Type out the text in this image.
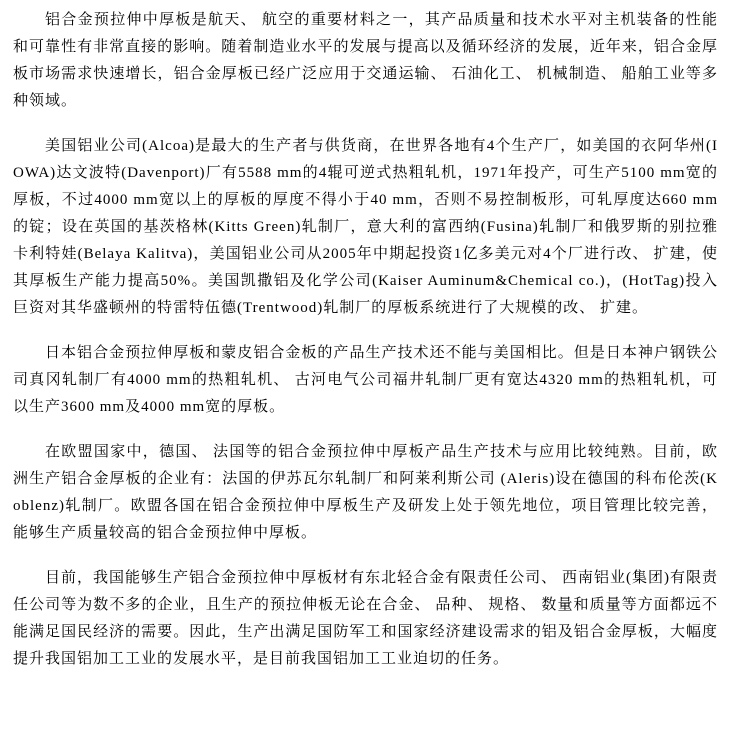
铝合金预拉伸中厚板是航天、 航空的重要材料之一，其产品质量和技术水平对主机装备的性能和可靠性有非常直接的影响。随着制造业水平的发展与提高以及循环经济的发展，近年来，铝合金厚板市场需求快速增长，铝合金厚板已经广泛应用于交通运输、 石油化工、 机械制造、 船舶工业等多种领域。

美国铝业公司(Alcoa)是最大的生产者与供货商，在世界各地有4个生产厂，如美国的衣阿华州(IOWA)达文波特(Davenport)厂有5588 mm的4辊可逆式热粗轧机，1971年投产，可生产5100 mm宽的厚板，不过4000 mm宽以上的厚板的厚度不得小于40 mm，否则不易控制板形，可轧厚度达660 mm的锭；设在英国的基茨格林(Kitts Green)轧制厂，意大利的富西纳(Fusina)轧制厂和俄罗斯的别拉雅卡利特娃(Belaya Kalitva)，美国铝业公司从2005年中期起投资1亿多美元对4个厂进行改、 扩建，使其厚板生产能力提高50%。美国凯撒铝及化学公司(Kaiser Auminum&Chemical co.)，(HotTag)投入巨资对其华盛顿州的特雷特伍德(Trentwood)轧制厂的厚板系统进行了大规模的改、 扩建。

日本铝合金预拉伸厚板和蒙皮铝合金板的产品生产技术还不能与美国相比。但是日本神户钢铁公司真冈轧制厂有4000 mm的热粗轧机、 古河电气公司福井轧制厂更有宽达4320 mm的热粗轧机，可以生产3600 mm及4000 mm宽的厚板。

在欧盟国家中，德国、 法国等的铝合金预拉伸中厚板产品生产技术与应用比较纯熟。目前，欧洲生产铝合金厚板的企业有：法国的伊苏瓦尔轧制厂和阿莱利斯公司 (Aleris)设在德国的科布伦茨(Koblenz)轧制厂。欧盟各国在铝合金预拉伸中厚板生产及研发上处于领先地位，项目管理比较完善，能够生产质量较高的铝合金预拉伸中厚板。

目前，我国能够生产铝合金预拉伸中厚板材有东北轻合金有限责任公司、 西南铝业(集团)有限责任公司等为数不多的企业，且生产的预拉伸板无论在合金、 品种、 规格、 数量和质量等方面都远不能满足国民经济的需要。因此，生产出满足国防军工和国家经济建设需求的铝及铝合金厚板，大幅度提升我国铝加工工业的发展水平，是目前我国铝加工工业迫切的任务。
